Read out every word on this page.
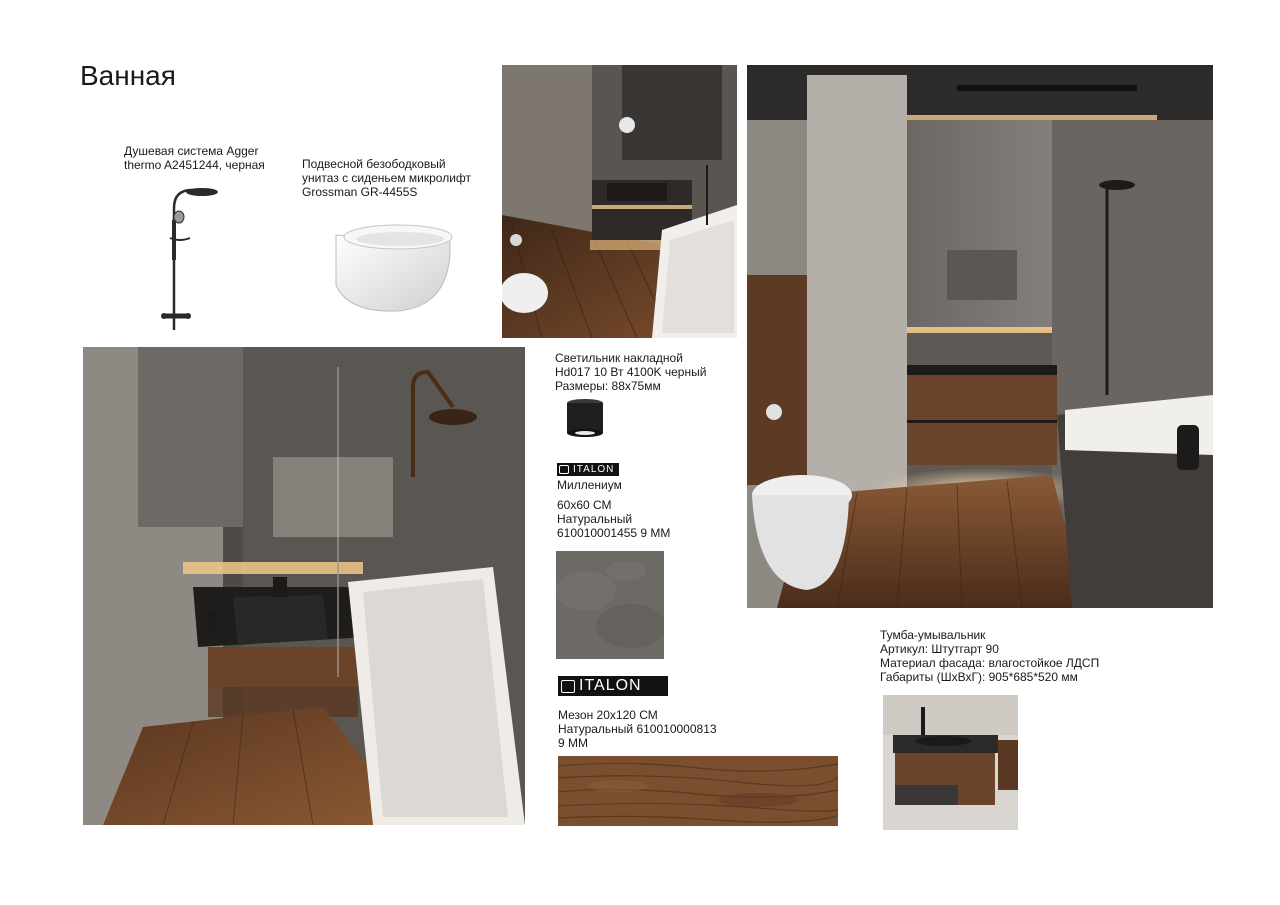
Ванная
Душевая система Agger
thermo A2451244, черная	Подвесной безободковый
унитаз с сиденьем микролифт
Grossman GR-4455S
Светильник накладной
Hd017 10 Вт 4100K черный
Размеры: 88х75мм
ITALON
Миллениум
60х60 СМ
Натуральный
610010001455 9 ММ
ITALON
Мезон 20х120 СМ
Натуральный 610010000813
9 ММ
Тумба-умывальник
Артикул: Штутгарт 90
Материал фасада: влагостойкое ЛДСП
Габариты (ШхВхГ): 905*685*520 мм
